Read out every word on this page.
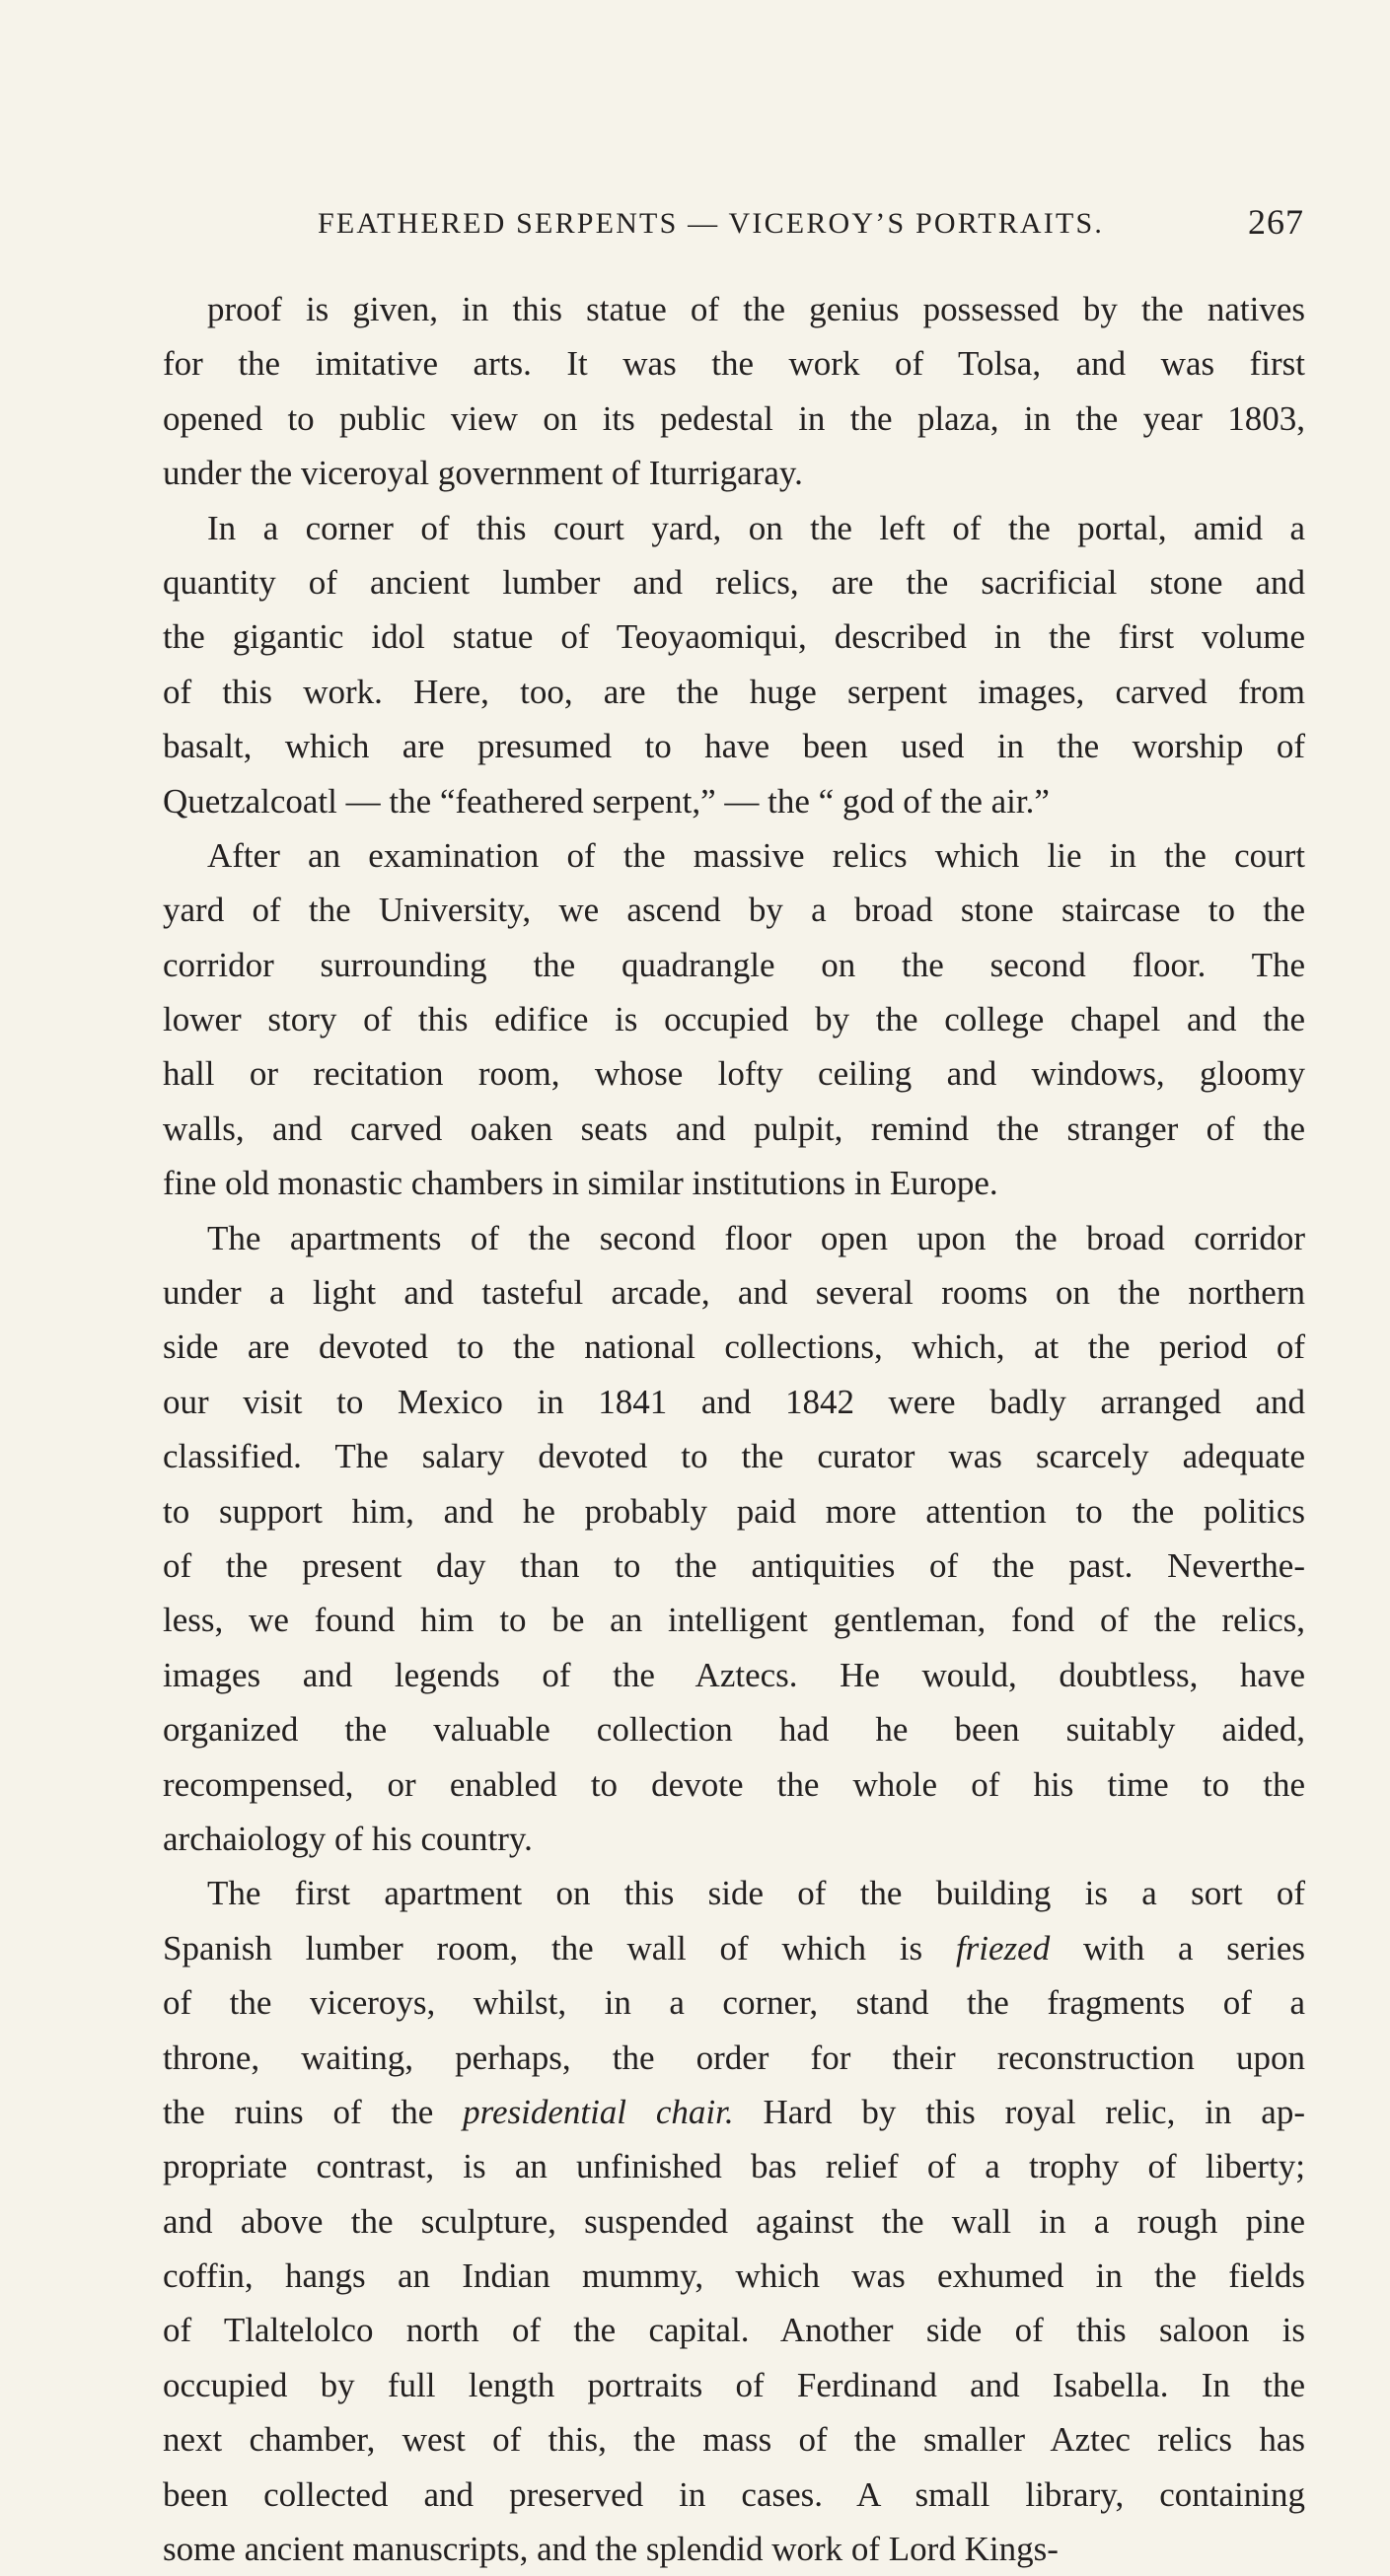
FEATHERED SERPENTS — VICEROY’S PORTRAITS.	267
proof is given, in this statue of the genius possessed by the natives
for the imitative arts. It was the work of Tolsa, and was first
opened to public view on its pedestal in the plaza, in the year 1803,
under the viceroyal government of Iturrigaray.
In a corner of this court yard, on the left of the portal, amid a
quantity of ancient lumber and relics, are the sacrificial stone and
the gigantic idol statue of Teoyaomiqui, described in the first volume
of this work. Here, too, are the huge serpent images, carved from
basalt, which are presumed to have been used in the worship of
Quetzalcoatl — the “feathered serpent,” — the “ god of the air.”
After an examination of the massive relics which lie in the court
yard of the University, we ascend by a broad stone staircase to the
corridor surrounding the quadrangle on the second floor. The
lower story of this edifice is occupied by the college chapel and the
hall or recitation room, whose lofty ceiling and windows, gloomy
walls, and carved oaken seats and pulpit, remind the stranger of the
fine old monastic chambers in similar institutions in Europe.
The apartments of the second floor open upon the broad corridor
under a light and tasteful arcade, and several rooms on the northern
side are devoted to the national collections, which, at the period of
our visit to Mexico in 1841 and 1842 were badly arranged and
classified. The salary devoted to the curator was scarcely adequate
to support him, and he probably paid more attention to the politics
of the present day than to the antiquities of the past. Neverthe-
less, we found him to be an intelligent gentleman, fond of the relics,
images and legends of the Aztecs. He would, doubtless, have
organized the valuable collection had he been suitably aided,
recompensed, or enabled to devote the whole of his time to the
archaiology of his country.
The first apartment on this side of the building is a sort of
Spanish lumber room, the wall of which is friezed with a series
of the viceroys, whilst, in a corner, stand the fragments of a
throne, waiting, perhaps, the order for their reconstruction upon
the ruins of the presidential chair. Hard by this royal relic, in ap-
propriate contrast, is an unfinished bas relief of a trophy of liberty;
and above the sculpture, suspended against the wall in a rough pine
coffin, hangs an Indian mummy, which was exhumed in the fields
of Tlaltelolco north of the capital. Another side of this saloon is
occupied by full length portraits of Ferdinand and Isabella. In the
next chamber, west of this, the mass of the smaller Aztec relics has
been collected and preserved in cases. A small library, containing
some ancient manuscripts, and the splendid work of Lord Kings-
